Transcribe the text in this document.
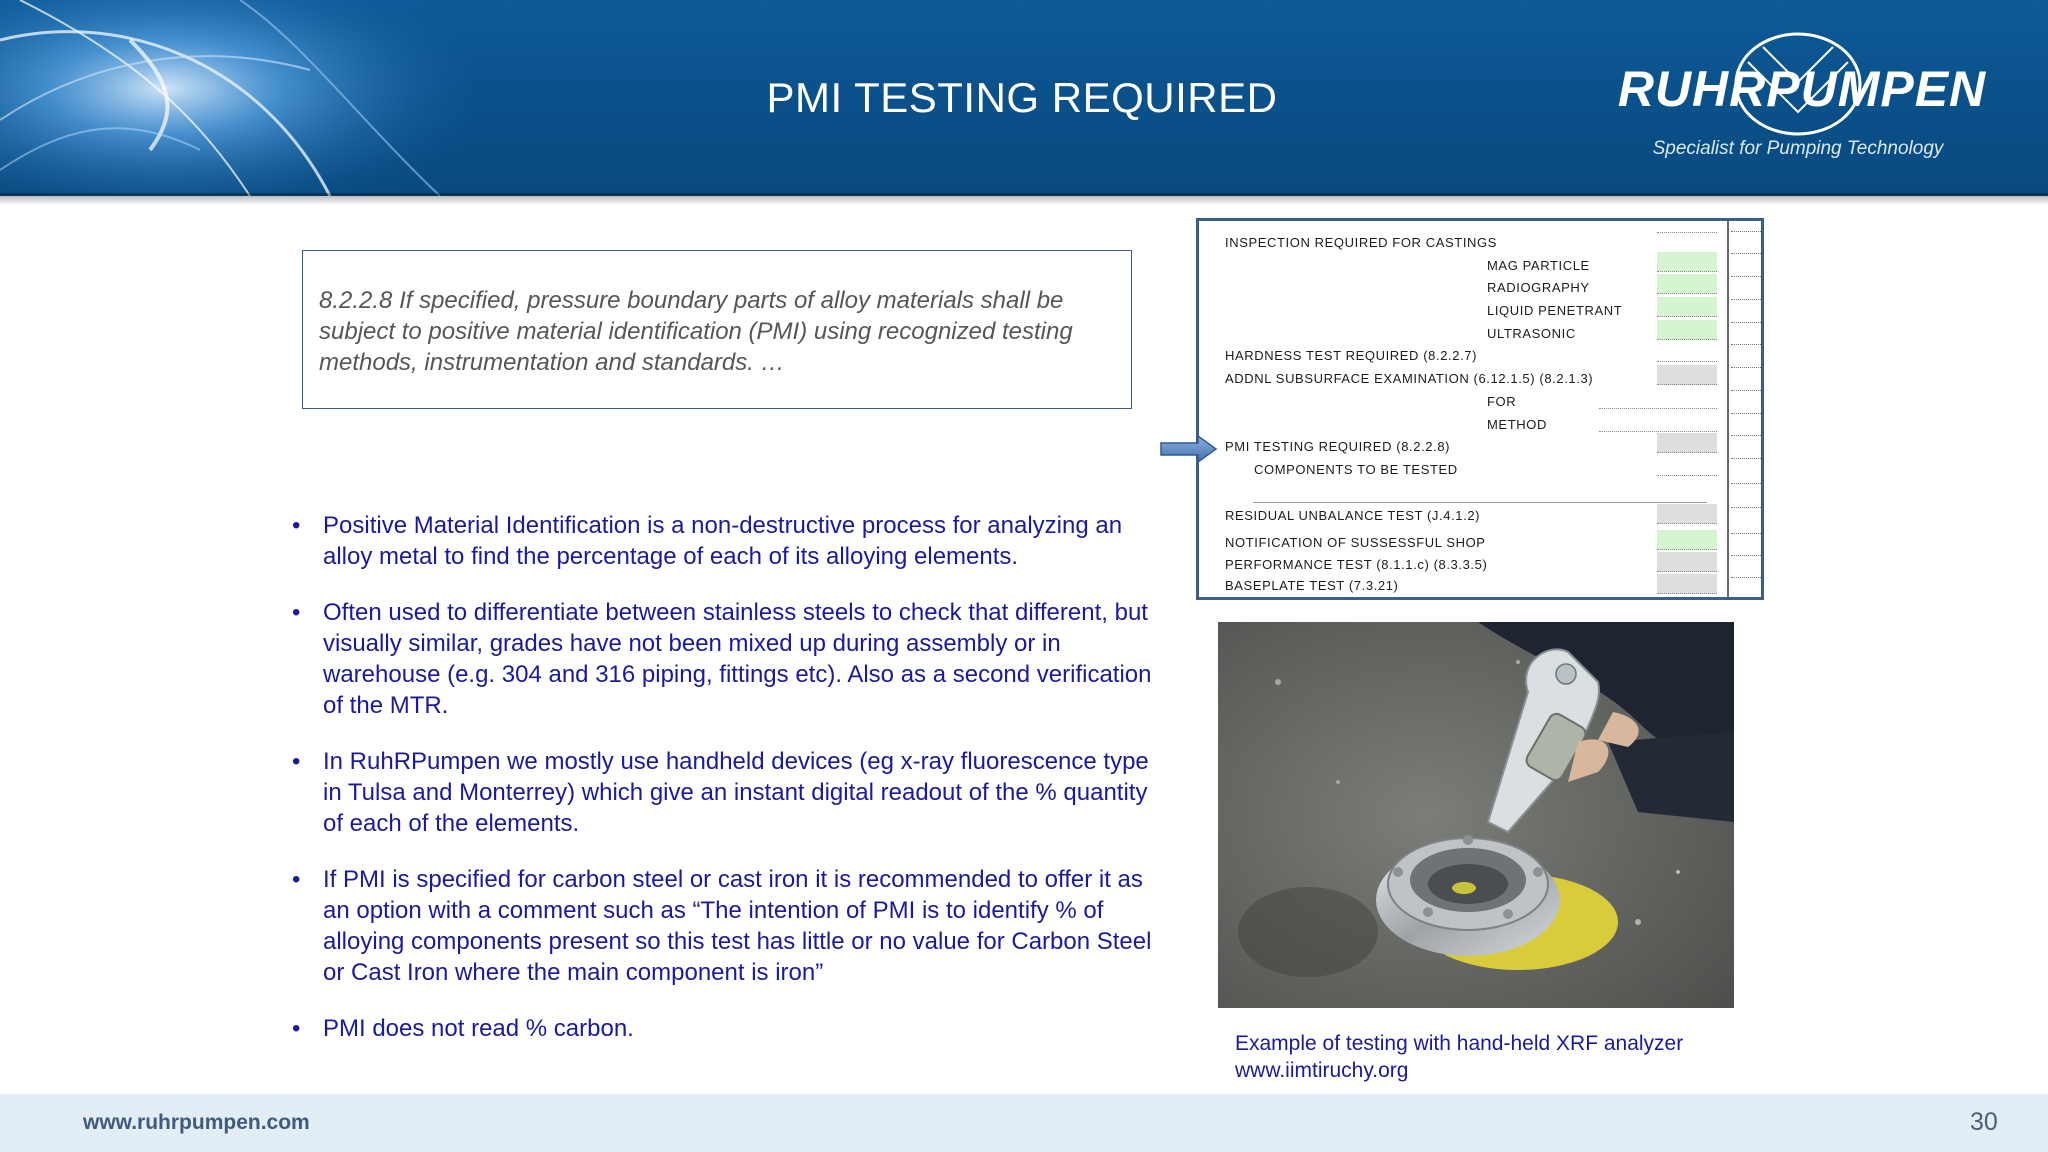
PMI TESTING REQUIRED	RUHRPUMPEN
Specialist for Pumping Technology
8.2.2.8 If specified, pressure boundary parts of alloy materials shall be subject to positive material identification (PMI) using recognized testing methods, instrumentation and standards. …
• Positive Material Identification is a non-destructive process for analyzing an alloy metal to find the percentage of each of its alloying elements.
• Often used to differentiate between stainless steels to check that different, but visually similar, grades have not been mixed up during assembly or in warehouse (e.g. 304 and 316 piping, fittings etc). Also as a second verification of the MTR.
• In RuhRPumpen we mostly use handheld devices (eg x-ray fluorescence type in Tulsa and Monterrey) which give an instant digital readout of the % quantity of each of the elements.
• If PMI is specified for carbon steel or cast iron it is recommended to offer it as an option with a comment such as “The intention of PMI is to identify % of alloying components present so this test has little or no value for Carbon Steel or Cast Iron where the main component is iron”
• PMI does not read % carbon.
INSPECTION REQUIRED FOR CASTINGS
MAG PARTICLE
RADIOGRAPHY
LIQUID PENETRANT
ULTRASONIC
HARDNESS TEST REQUIRED (8.2.2.7)
ADDNL SUBSURFACE EXAMINATION (6.12.1.5) (8.2.1.3)
FOR
METHOD
PMI TESTING REQUIRED (8.2.2.8)
COMPONENTS TO BE TESTED
RESIDUAL UNBALANCE TEST (J.4.1.2)
NOTIFICATION OF SUSSESSFUL SHOP
PERFORMANCE TEST (8.1.1.c) (8.3.3.5)
BASEPLATE TEST (7.3.21)
Example of testing with hand-held XRF analyzer
www.iimtiruchy.org
www.ruhrpumpen.com	30
